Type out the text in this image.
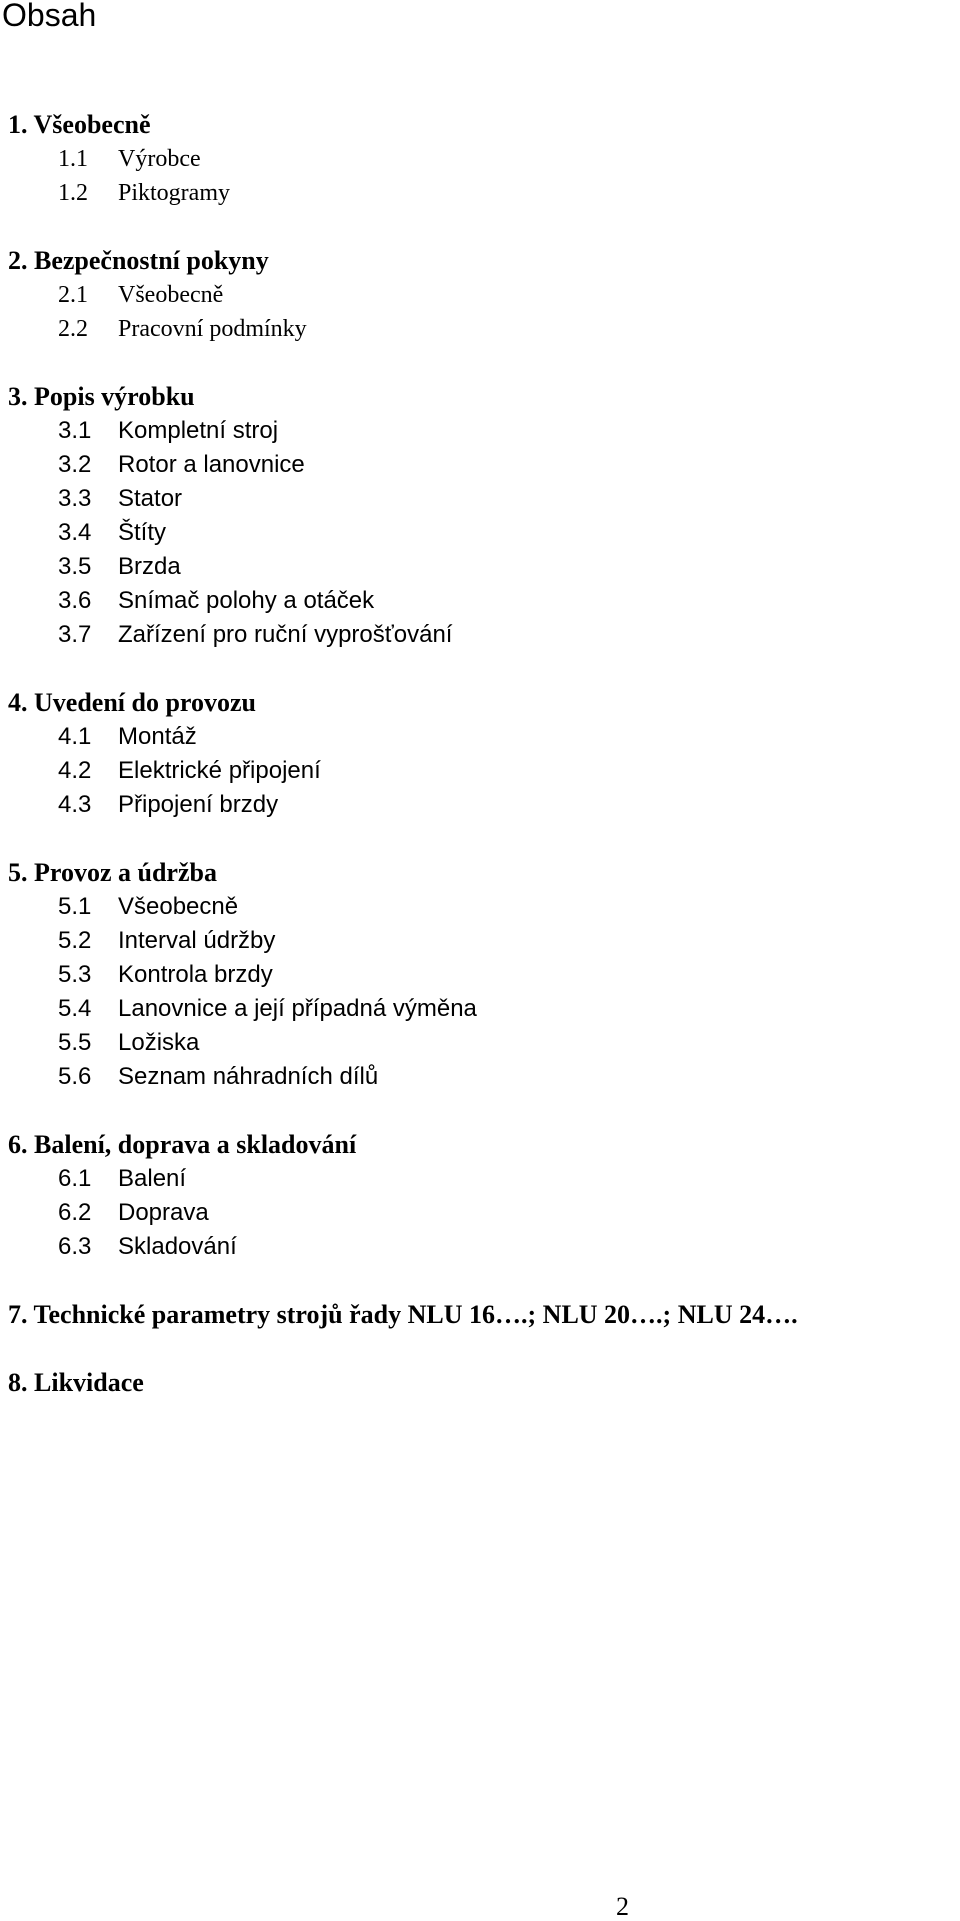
Obsah
1. Všeobecně
1.1 Výrobce
1.2 Piktogramy
2. Bezpečnostní pokyny
2.1 Všeobecně
2.2 Pracovní podmínky
3. Popis výrobku
3.1 Kompletní stroj
3.2 Rotor a lanovnice
3.3 Stator
3.4 Štíty
3.5 Brzda
3.6 Snímač polohy a otáček
3.7 Zařízení pro ruční vyprošťování
4. Uvedení do provozu
4.1 Montáž
4.2 Elektrické připojení
4.3 Připojení brzdy
5. Provoz a údržba
5.1 Všeobecně
5.2 Interval údržby
5.3 Kontrola brzdy
5.4 Lanovnice a její případná výměna
5.5 Ložiska
5.6 Seznam náhradních dílů
6. Balení, doprava a skladování
6.1 Balení
6.2 Doprava
6.3 Skladování
7. Technické parametry strojů řady NLU 16….; NLU 20….; NLU 24….
8. Likvidace
2
